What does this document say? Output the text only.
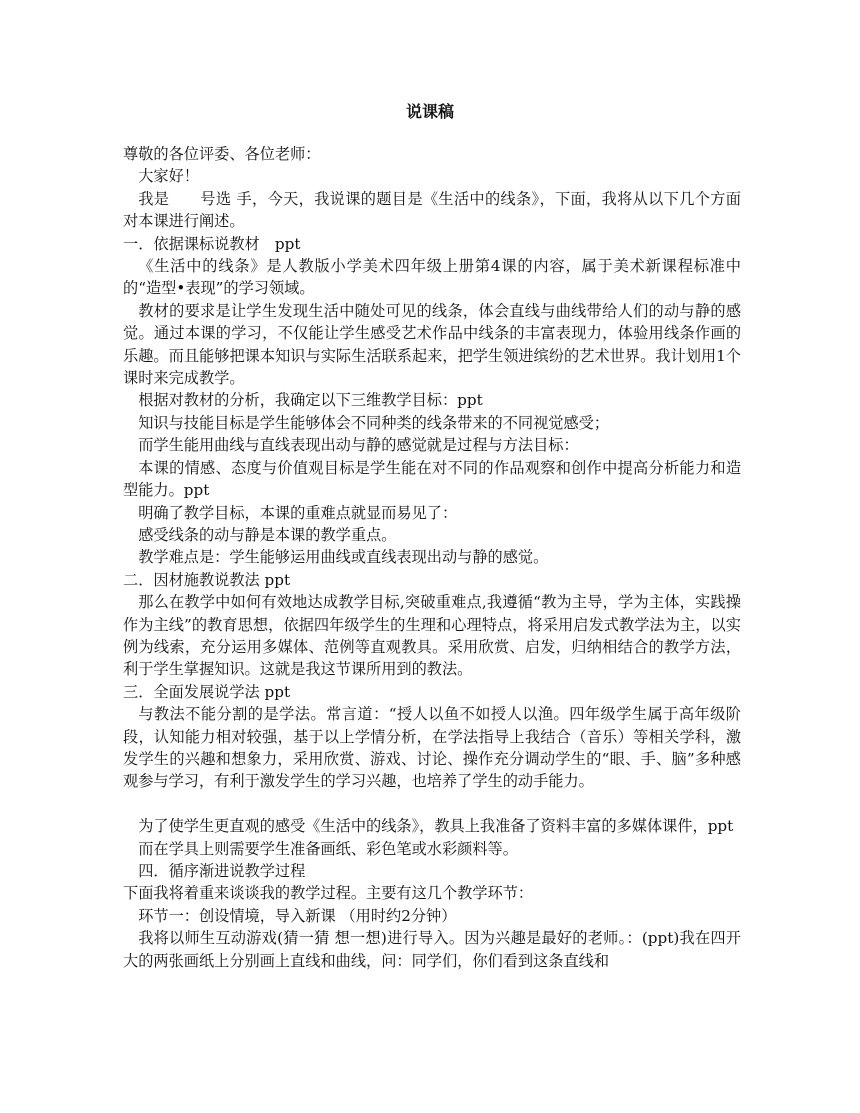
说课稿

尊敬的各位评委、各位老师：

大家好！

我是　　号选 手，今天，我说课的题目是《生活中的线条》，下面，我将从以下几个方面对本课进行阐述。

一．依据课标说教材　ppt

《生活中的线条》是人教版小学美术四年级上册第4课的内容，属于美术新课程标准中的“造型•表现”的学习领域。

教材的要求是让学生发现生活中随处可见的线条，体会直线与曲线带给人们的动与静的感觉。通过本课的学习，不仅能让学生感受艺术作品中线条的丰富表现力，体验用线条作画的乐趣。而且能够把课本知识与实际生活联系起来，把学生领进缤纷的艺术世界。我计划用1个课时来完成教学。

根据对教材的分析，我确定以下三维教学目标：ppt

知识与技能目标是学生能够体会不同种类的线条带来的不同视觉感受；

而学生能用曲线与直线表现出动与静的感觉就是过程与方法目标：

本课的情感、态度与价值观目标是学生能在对不同的作品观察和创作中提高分析能力和造型能力。ppt

明确了教学目标，本课的重难点就显而易见了：

感受线条的动与静是本课的教学重点。

教学难点是：学生能够运用曲线或直线表现出动与静的感觉。

二．因材施教说教法 ppt

那么在教学中如何有效地达成教学目标,突破重难点,我遵循“教为主导，学为主体，实践操作为主线”的教育思想，依据四年级学生的生理和心理特点，将采用启发式教学法为主，以实例为线索，充分运用多媒体、范例等直观教具。采用欣赏、启发，归纳相结合的教学方法，利于学生掌握知识。这就是我这节课所用到的教法。

三．全面发展说学法 ppt

与教法不能分割的是学法。常言道：“授人以鱼不如授人以渔。四年级学生属于高年级阶段，认知能力相对较强，基于以上学情分析，在学法指导上我结合（音乐）等相关学科，激发学生的兴趣和想象力，采用欣赏、游戏、讨论、操作充分调动学生的“眼、手、脑”多种感观参与学习，有利于激发学生的学习兴趣，也培养了学生的动手能力。

为了使学生更直观的感受《生活中的线条》，教具上我准备了资料丰富的多媒体课件，ppt

而在学具上则需要学生准备画纸、彩色笔或水彩颜料等。

四．循序渐进说教学过程

下面我将着重来谈谈我的教学过程。主要有这几个教学环节：

环节一：创设情境，导入新课 （用时约2分钟）

我将以师生互动游戏(猜一猜 想一想)进行导入。因为兴趣是最好的老师。：(ppt)我在四开大的两张画纸上分别画上直线和曲线，问：同学们，你们看到这条直线和
